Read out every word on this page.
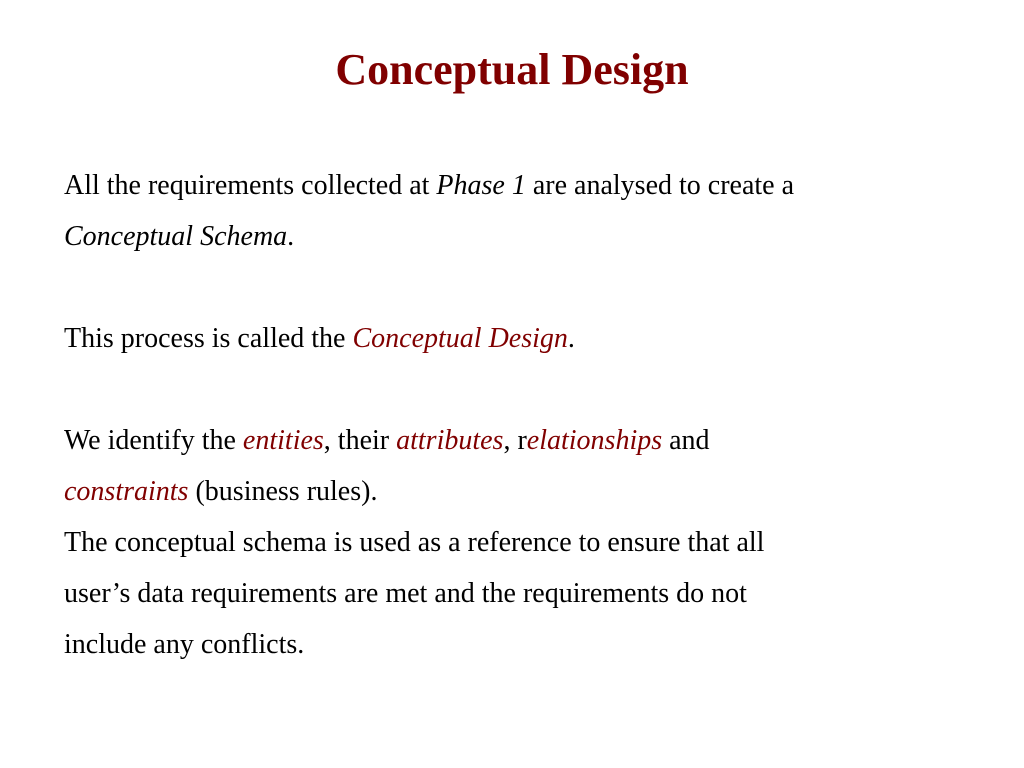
Conceptual Design
All the requirements collected at Phase 1 are analysed to create a
Conceptual Schema.
This process is called the Conceptual Design.
We identify the entities, their attributes, relationships and
constraints (business rules).
The conceptual schema is used as a reference to ensure that all
user’s data requirements are met and the requirements do not
include any conflicts.
